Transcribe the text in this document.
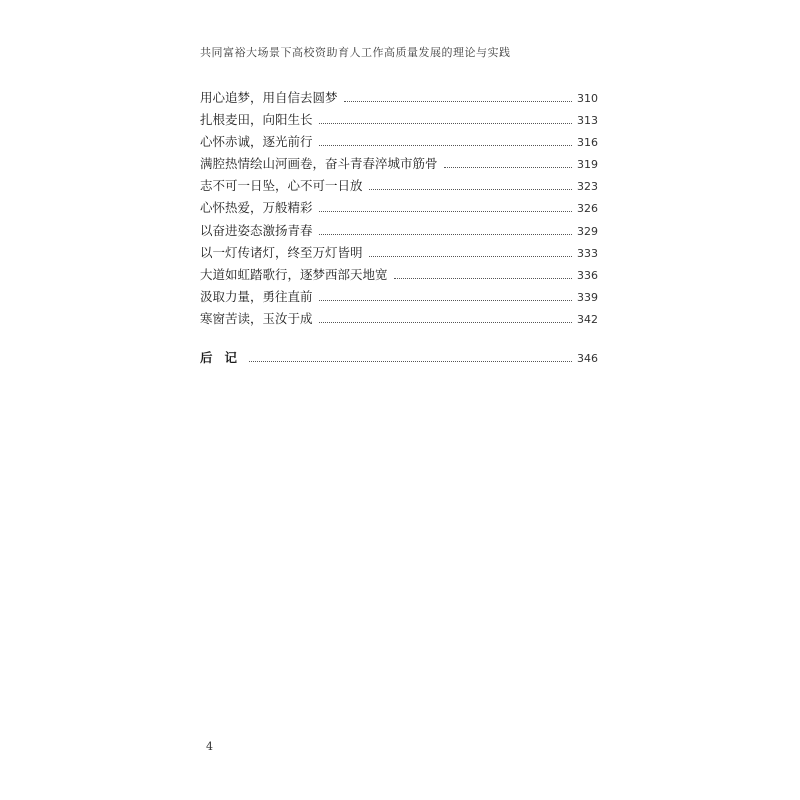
共同富裕大场景下高校资助育人工作高质量发展的理论与实践
用心追梦，用自信去圆梦	310
扎根麦田，向阳生长	313
心怀赤诚，逐光前行	316
满腔热情绘山河画卷，奋斗青春淬城市筋骨	319
志不可一日坠，心不可一日放	323
心怀热爱，万般精彩	326
以奋进姿态激扬青春	329
以一灯传诸灯，终至万灯皆明	333
大道如虹踏歌行，逐梦西部天地宽	336
汲取力量，勇往直前	339
寒窗苦读，玉汝于成	342
后记	346
4
